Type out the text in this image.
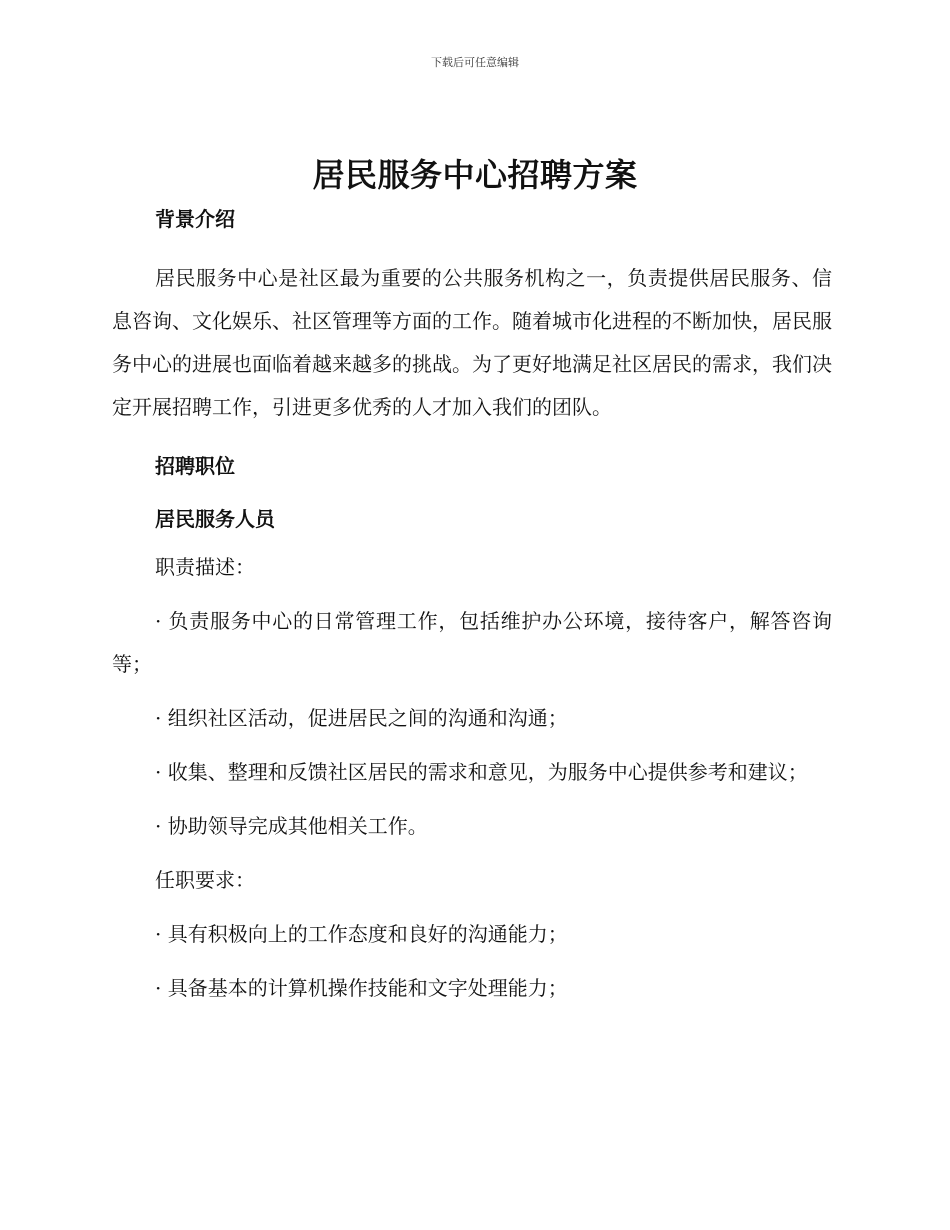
下载后可任意编辑
居民服务中心招聘方案

背景介绍

居民服务中心是社区最为重要的公共服务机构之一，负责提供居民服务、信息咨询、文化娱乐、社区管理等方面的工作。随着城市化进程的不断加快，居民服务中心的进展也面临着越来越多的挑战。为了更好地满足社区居民的需求，我们决定开展招聘工作，引进更多优秀的人才加入我们的团队。

招聘职位

居民服务人员

职责描述：

· 负责服务中心的日常管理工作，包括维护办公环境，接待客户，解答咨询等；

· 组织社区活动，促进居民之间的沟通和沟通；

· 收集、整理和反馈社区居民的需求和意见，为服务中心提供参考和建议；

· 协助领导完成其他相关工作。

任职要求：

· 具有积极向上的工作态度和良好的沟通能力；

· 具备基本的计算机操作技能和文字处理能力；
